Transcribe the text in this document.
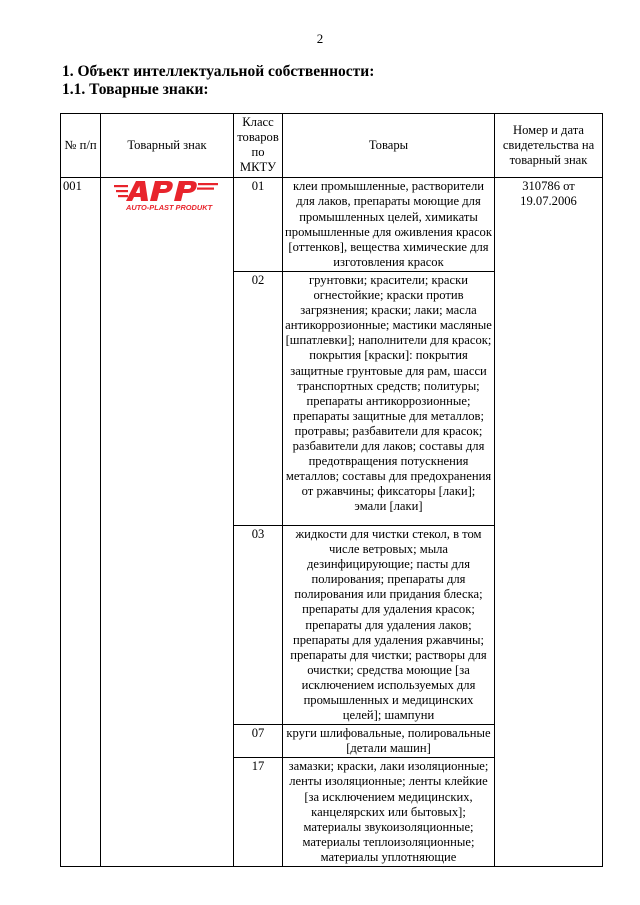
2
1. Объект интеллектуальной собственности:
1.1. Товарные знаки:
№ п/п	Товарный знак	Класс товаров по МКТУ	Товары	Номер и дата свидетельства на товарный знак
001	AUTO-PLAST PRODUKT	01	клеи промышленные, растворители для лаков, препараты моющие для промышленных целей, химикаты промышленные для оживления красок [оттенков], вещества химические для изготовления красок	310786 от 19.07.2006
		02	грунтовки; красители; краски огнестойкие; краски против загрязнения; краски; лаки; масла антикоррозионные; мастики масляные [шпатлевки]; наполнители для красок; покрытия [краски]: покрытия защитные грунтовые для рам, шасси транспортных средств; политуры; препараты антикоррозионные; препараты защитные для металлов; протравы; разбавители для красок; разбавители для лаков; составы для предотвращения потускнения металлов; составы для предохранения от ржавчины; фиксаторы [лаки]; эмали [лаки]	
		03	жидкости для чистки стекол, в том числе ветровых; мыла дезинфицирующие; пасты для полирования; препараты для полирования или придания блеска; препараты для удаления красок; препараты для удаления лаков; препараты для удаления ржавчины; препараты для чистки; растворы для очистки; средства моющие [за исключением используемых для промышленных и медицинских целей]; шампуни	
		07	круги шлифовальные, полировальные [детали машин]	
		17	замазки; краски, лаки изоляционные; ленты изоляционные; ленты клейкие [за исключением медицинских, канцелярских или бытовых]; материалы звукоизоляционные; материалы теплоизоляционные; материалы уплотняющие	
